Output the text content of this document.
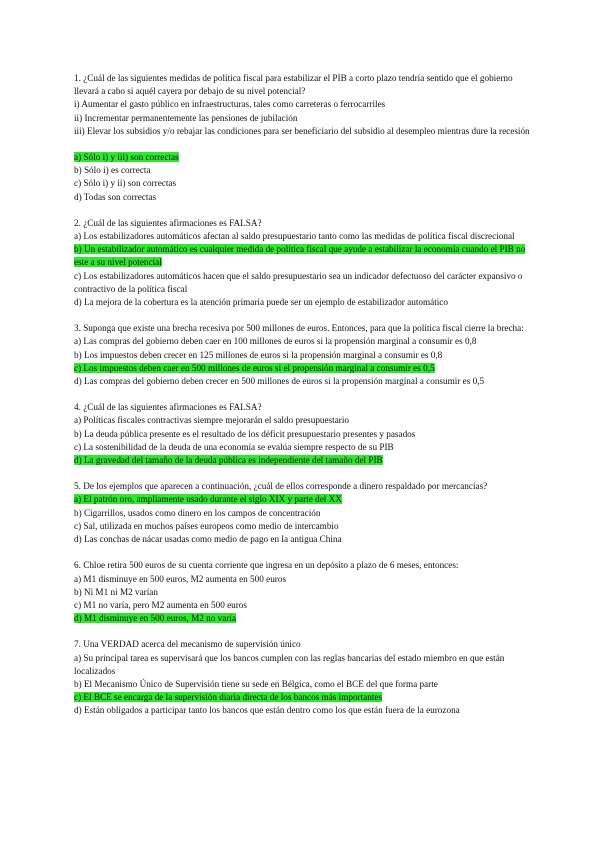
1. ¿Cuál de las siguientes medidas de política fiscal para estabilizar el PIB a corto plazo tendría sentido que el gobierno llevará a cabo si aquél cayera por debajo de su nivel potencial?
i) Aumentar el gasto público en infraestructuras, tales como carreteras o ferrocarriles
ii) Incrementar permanentemente las pensiones de jubilación
iii) Elevar los subsidios y/o rebajar las condiciones para ser beneficiario del subsidio al desempleo mientras dure la recesión
a) Sólo i) y iii) son correctas
b) Sólo i) es correcta
c) Sólo i) y ii) son correctas
d) Todas son correctas
2. ¿Cuál de las siguientes afirmaciones es FALSA?
a) Los estabilizadores automáticos afectan al saldo presupuestario tanto como las medidas de política fiscal discrecional
b) Un estabilizador automático es cualquier medida de política fiscal que ayude a estabilizar la economía cuando el PIB no este a su nivel potencial
c) Los estabilizadores automáticos hacen que el saldo presupuestario sea un indicador defectuoso del carácter expansivo o contractivo de la política fiscal
d) La mejora de la cobertura es la atención primaria puede ser un ejemplo de estabilizador automático
3. Suponga que existe una brecha recesiva por 500 millones de euros. Entonces, para que la política fiscal cierre la brecha:
a) Las compras del gobierno deben caer en 100 millones de euros si la propensión marginal a consumir es 0,8
b) Los impuestos deben crecer en 125 millones de euros si la propensión marginal a consumir es 0,8
c) Los impuestos deben caer en 500 millones de euros si el propensión marginal a consumir es 0,5
d) Las compras del gobierno deben crecer en 500 millones de euros si la propensión marginal a consumir es 0,5
4. ¿Cuál de las siguientes afirmaciones es FALSA?
a) Políticas fiscales contractivas siempre mejorarán el saldo presupuestario
b) La deuda pública presente es el resultado de los déficit presupuestario presentes y pasados
c) La sostenibilidad de la deuda de una economía se evalúa siempre respecto de su PIB
d) La gravedad del tamaño de la deuda pública es independiente del tamaño del PIB
5. De los ejemplos que aparecen a continuación, ¿cuál de ellos corresponde a dinero respaldado por mercancías?
a) El patrón oro, ampliamente usado durante el siglo XIX y parte del XX
b) Cigarrillos, usados como dinero en los campos de concentración
c) Sal, utilizada en muchos países europeos como medio de intercambio
d) Las conchas de nácar usadas como medio de pago en la antigua China
6. Chloe retira 500 euros de su cuenta corriente que ingresa en un depósito a plazo de 6 meses, entonces:
a) M1 disminuye en 500 euros, M2 aumenta en 500 euros
b) Ni M1 ni M2 varían
c) M1 no varía, pero M2 aumenta en 500 euros
d) M1 disminuye en 500 euros, M2 no varía
7. Una VERDAD acerca del mecanismo de supervisión único
a) Su principal tarea es supervisará que los bancos cumplen con las reglas bancarias del estado miembro en que están localizados
b) El Mecanismo Único de Supervisión tiene su sede en Bélgica, como el BCE del que forma parte
c) El BCE se encarga de la supervisión diaria directa de los bancos más importantes
d) Están obligados a participar tanto los bancos que están dentro como los que están fuera de la eurozona
